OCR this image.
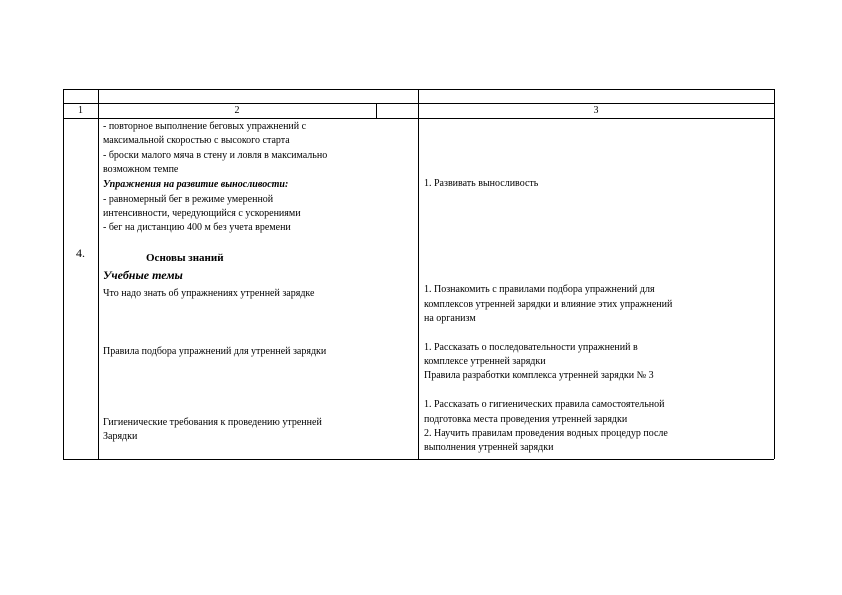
1	2	3
4.
- повторное выполнение беговых упражнений с
максимальной скоростью с высокого старта
- броски малого мяча в стену и ловля в максимально
возможном темпе
Упражнения на развитие выносливости:
- равномерный бег в режиме умеренной
интенсивности, чередующийся с ускорениями
- бег на дистанцию 400 м без учета времени
Основы знаний
Учебные темы
Что надо знать об упражнениях утренней зарядке
Правила подбора упражнений для утренней зарядки
Гигиенические требования к проведению утренней
Зарядки
1. Развивать выносливость
1. Познакомить с правилами подбора упражнений для
комплексов утренней зарядки и влияние этих упражнений
на организм
1. Рассказать о последовательности упражнений в
комплексе утренней зарядки
Правила разработки комплекса утренней зарядки № 3
1. Рассказать о гигиенических правила самостоятельной
подготовка места проведения утренней зарядки
2. Научить правилам проведения водных процедур после
выполнения утренней зарядки
